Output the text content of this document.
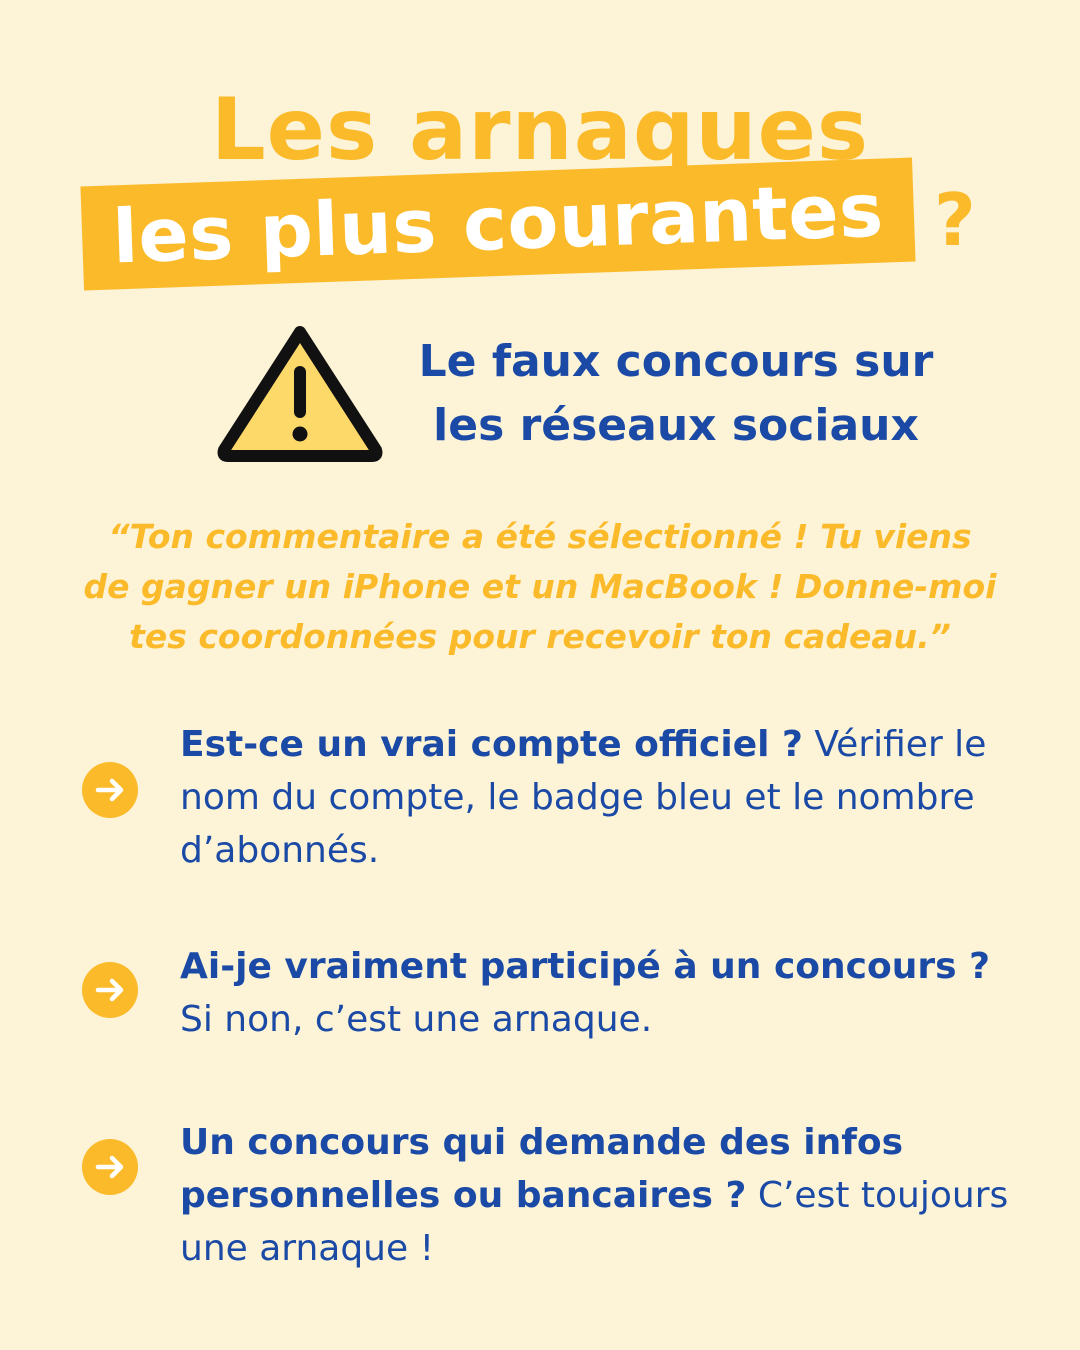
Les arnaques
les plus courantes ?
Le faux concours sur
les réseaux sociaux
“Ton commentaire a été sélectionné ! Tu viens
de gagner un iPhone et un MacBook ! Donne-moi
tes coordonnées pour recevoir ton cadeau.”
Est-ce un vrai compte officiel ? Vérifier le nom du compte, le badge bleu et le nombre d’abonnés.
Ai-je vraiment participé à un concours ? Si non, c’est une arnaque.
Un concours qui demande des infos personnelles ou bancaires ? C’est toujours une arnaque !
